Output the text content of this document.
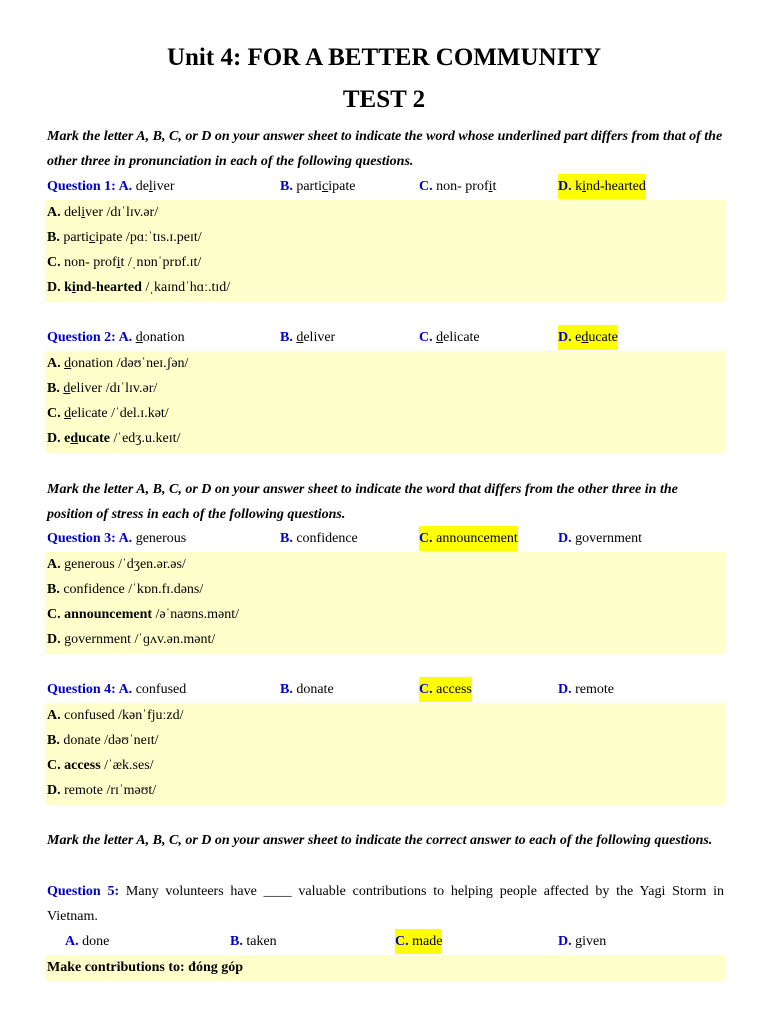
Unit 4: FOR A BETTER COMMUNITY
TEST 2
Mark the letter A, B, C, or D on your answer sheet to indicate the word whose underlined part differs from that of the other three in pronunciation in each of the following questions.
Question 1: A. deliver	B. participate	C. non- profit	D. kind-hearted
A. deliver /dɪˈlɪv.ər/
B. participate /pɑːˈtɪs.ɪ.peɪt/
C. non- profit /ˌnɒnˈprɒf.ɪt/
D. kind-hearted /ˌkaɪndˈhɑː.tɪd/
Question 2: A. donation	B. deliver	C. delicate	D. educate
A. donation /dəʊˈneɪ.ʃən/
B. deliver /dɪˈlɪv.ər/
C. delicate /ˈdel.ɪ.kət/
D. educate /ˈedʒ.u.keɪt/
Mark the letter A, B, C, or D on your answer sheet to indicate the word that differs from the other three in the position of stress in each of the following questions.
Question 3: A. generous	B. confidence	C. announcement	D. government
A. generous /ˈdʒen.ər.əs/
B. confidence /ˈkɒn.fɪ.dəns/
C. announcement /əˈnaʊns.mənt/
D. government /ˈɡʌv.ən.mənt/
Question 4: A. confused	B. donate	C. access	D. remote
A. confused /kənˈfjuːzd/
B. donate /dəʊˈneɪt/
C. access /ˈæk.ses/
D. remote /rɪˈməʊt/
Mark the letter A, B, C, or D on your answer sheet to indicate the correct answer to each of the following questions.
Question 5: Many volunteers have ____ valuable contributions to helping people affected by the Yagi Storm in Vietnam.
A. done	B. taken	C. made	D. given
Make contributions to: đóng góp
